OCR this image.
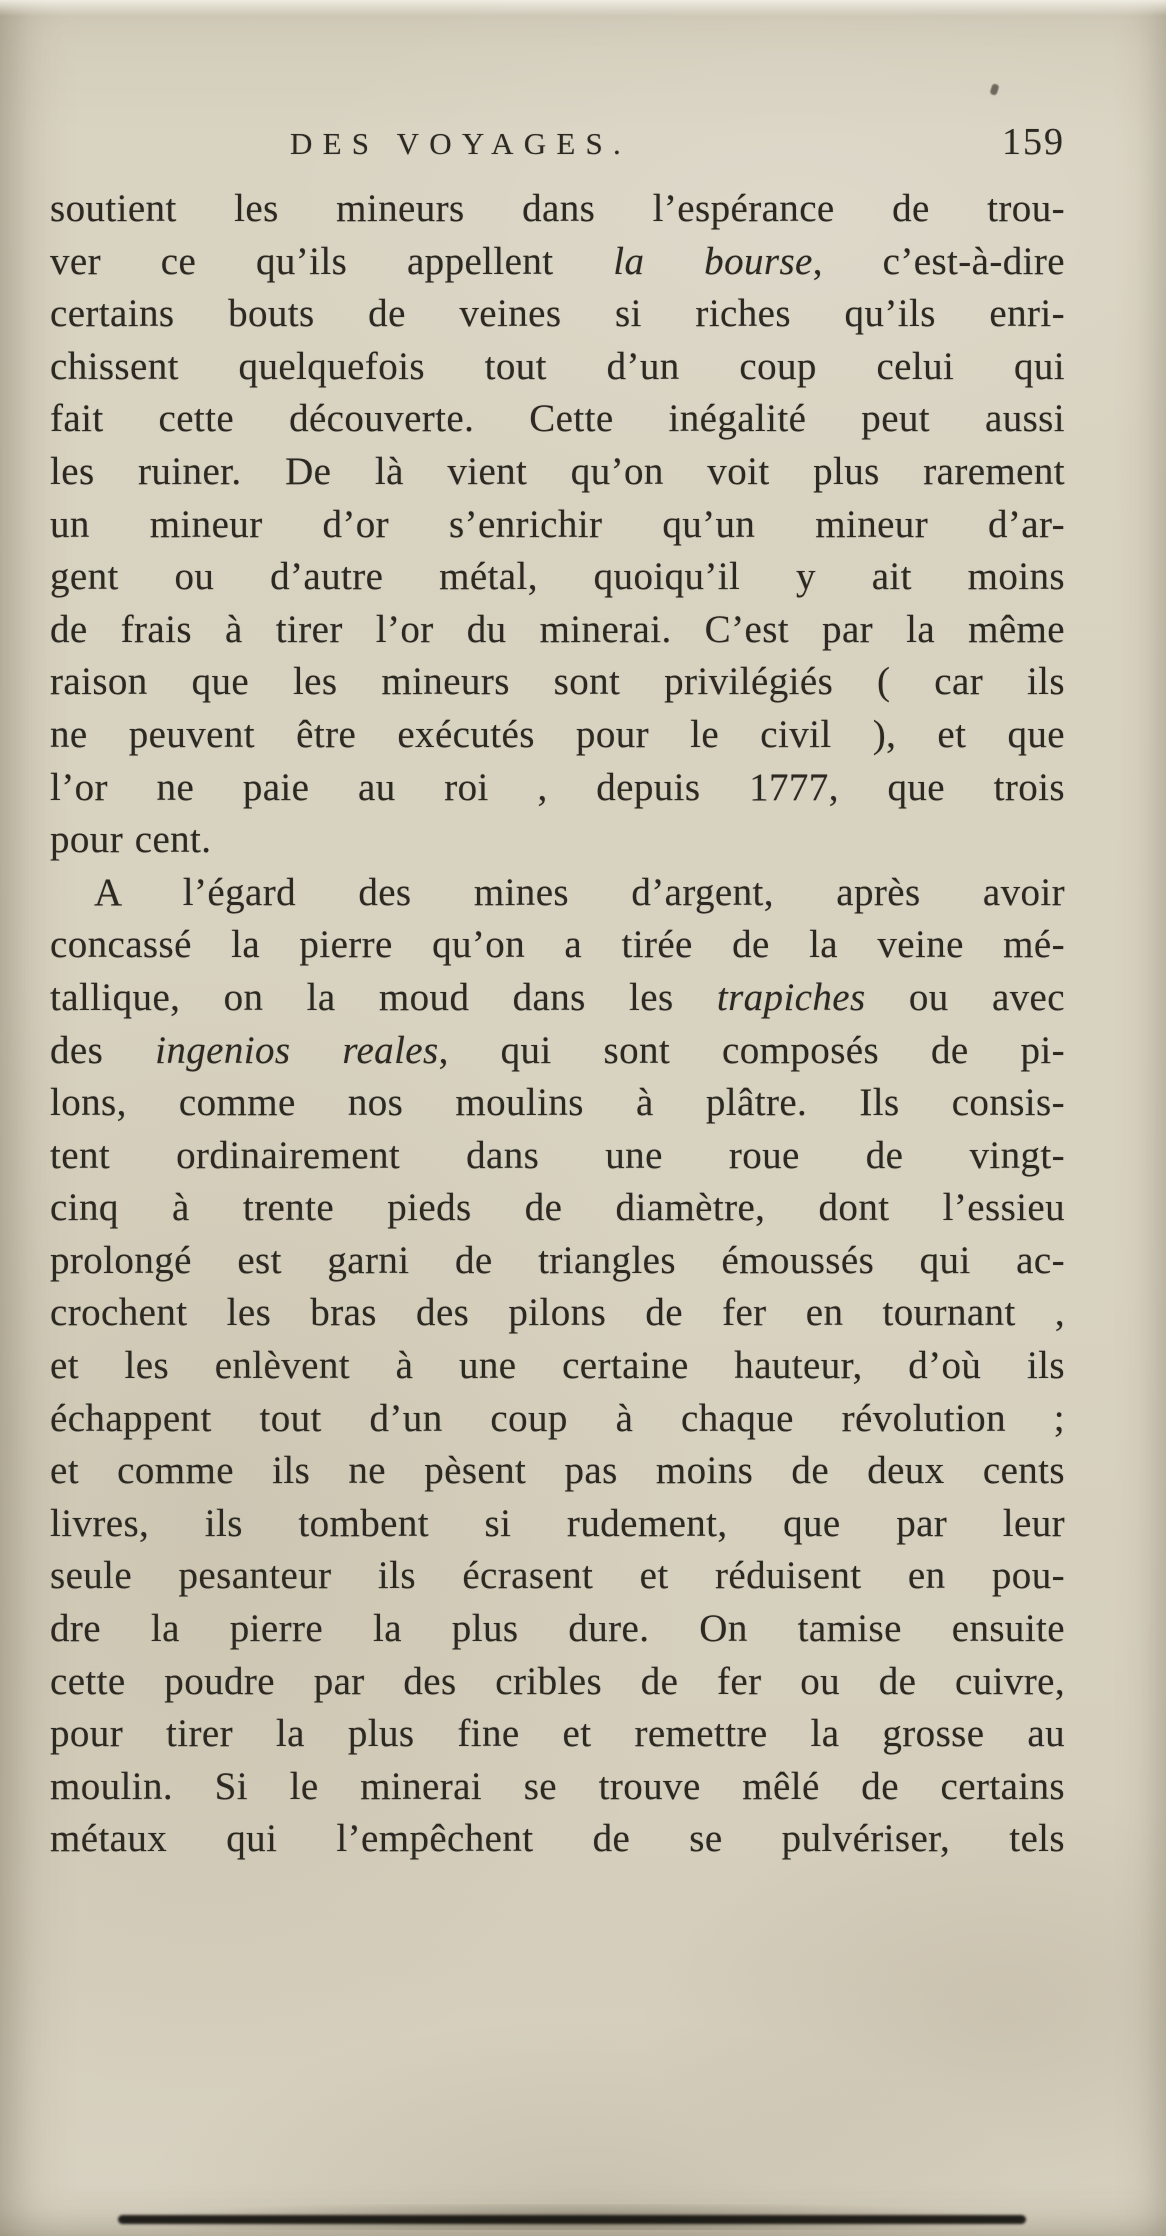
DES VOYAGES.	159
soutient les mineurs dans l’espérance de trou-
ver ce qu’ils appellent la bourse, c’est-à-dire
certains bouts de veines si riches qu’ils enri-
chissent quelquefois tout d’un coup celui qui
fait cette découverte. Cette inégalité peut aussi
les ruiner. De là vient qu’on voit plus rarement
un mineur d’or s’enrichir qu’un mineur d’ar-
gent ou d’autre métal, quoiqu’il y ait moins
de frais à tirer l’or du minerai. C’est par la même
raison que les mineurs sont privilégiés ( car ils
ne peuvent être exécutés pour le civil ), et que
l’or ne paie au roi , depuis 1777, que trois
pour cent.
A l’égard des mines d’argent, après avoir
concassé la pierre qu’on a tirée de la veine mé-
tallique, on la moud dans les trapiches ou avec
des ingenios reales, qui sont composés de pi-
lons, comme nos moulins à plâtre. Ils consis-
tent ordinairement dans une roue de vingt-
cinq à trente pieds de diamètre, dont l’essieu
prolongé est garni de triangles émoussés qui ac-
crochent les bras des pilons de fer en tournant ,
et les enlèvent à une certaine hauteur, d’où ils
échappent tout d’un coup à chaque révolution ;
et comme ils ne pèsent pas moins de deux cents
livres, ils tombent si rudement, que par leur
seule pesanteur ils écrasent et réduisent en pou-
dre la pierre la plus dure. On tamise ensuite
cette poudre par des cribles de fer ou de cuivre,
pour tirer la plus fine et remettre la grosse au
moulin. Si le minerai se trouve mêlé de certains
métaux qui l’empêchent de se pulvériser, tels
